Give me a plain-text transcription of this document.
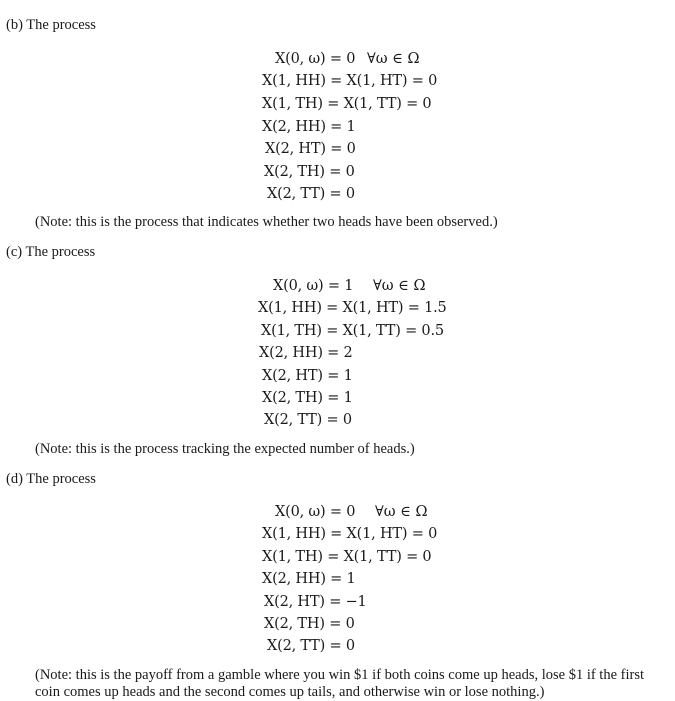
(b) The process
X(0, ω) = 0 ∀ω ∈ Ω
X(1, HH) = X(1, HT) = 0
X(1, TH) = X(1, TT) = 0
X(2, HH) = 1
X(2, HT) = 0
X(2, TH) = 0
X(2, TT) = 0
(Note: this is the process that indicates whether two heads have been observed.)
(c) The process
X(0, ω) = 1 ∀ω ∈ Ω
X(1, HH) = X(1, HT) = 1.5
X(1, TH) = X(1, TT) = 0.5
X(2, HH) = 2
X(2, HT) = 1
X(2, TH) = 1
X(2, TT) = 0
(Note: this is the process tracking the expected number of heads.)
(d) The process
X(0, ω) = 0 ∀ω ∈ Ω
X(1, HH) = X(1, HT) = 0
X(1, TH) = X(1, TT) = 0
X(2, HH) = 1
X(2, HT) = −1
X(2, TH) = 0
X(2, TT) = 0
(Note: this is the payoff from a gamble where you win $1 if both coins come up heads, lose $1 if the first coin comes up heads and the second comes up tails, and otherwise win or lose nothing.)
